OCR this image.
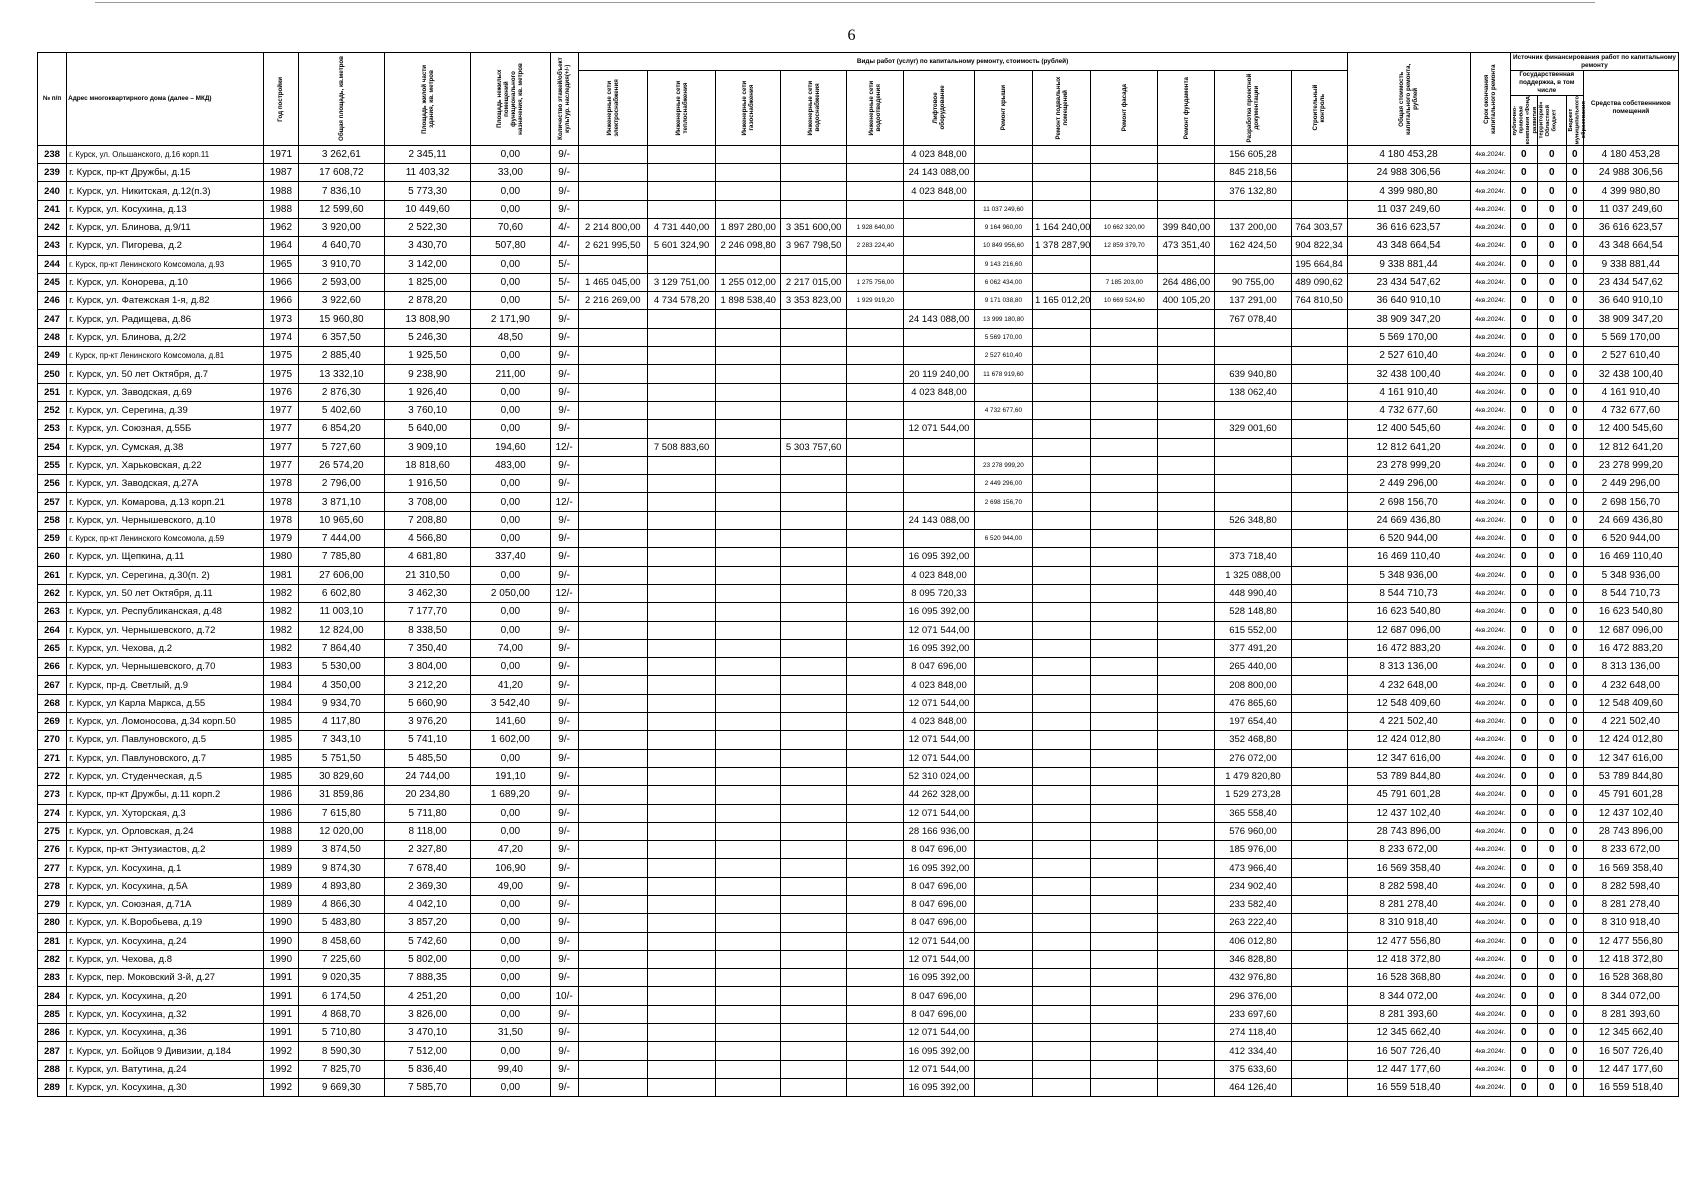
6
№ п/п	Адрес многоквартирного дома (далее – МКД)	Год постройки	Общая площадь, кв.метров	Площадь жилой части здания, кв. метров	Площадь нежилых помещений функционального назначения, кв. метров	Количество этажей/объект культур. наследия(+/-)	Виды работ (услуг) по капитальному ремонту, стоимость (рублей)												Общая стоимость капитального ремонта, рублей	Срок окончания капитального ремонта	Источник финансирования работ по капитальному ремонту			

							Инженерные сети электроснабжения	Инженерные сети теплоснабжения	Инженерные сети газоснабжения	Инженерные сети водоснабжения	Инженерные сети водоотведения	Лифтовое оборудование	Ремонт крыши	Ремонт подвальных помещений	Ремонт фасада	Ремонт фундамента	Разработка проектной документации	Строительный контроль			Государственная поддержка, в том числе			Средства собственников помещений

																					публично-правовая компания «Фонд развития территорий»	Областной бюджет	Бюджет муниципального образования	

238	г. Курск, ул. Ольшанского, д.16 корп.11	1971	3 262,61	2 345,11	0,00	9/-						4 023 848,00					156 605,28		4 180 453,28	4кв.2024г.	0	0	0	4 180 453,28
239	г. Курск, пр-кт Дружбы, д.15	1987	17 608,72	11 403,32	33,00	9/-						24 143 088,00					845 218,56		24 988 306,56	4кв.2024г.	0	0	0	24 988 306,56
240	г. Курск, ул. Никитская, д.12(п.3)	1988	7 836,10	5 773,30	0,00	9/-						4 023 848,00					376 132,80		4 399 980,80	4кв.2024г.	0	0	0	4 399 980,80
241	г. Курск, ул. Косухина, д.13	1988	12 599,60	10 449,60	0,00	9/-							11 037 249,60						11 037 249,60	4кв.2024г.	0	0	0	11 037 249,60
242	г. Курск, ул. Блинова, д.9/11	1962	3 920,00	2 522,30	70,60	4/-	2 214 800,00	4 731 440,00	1 897 280,00	3 351 600,00	1 928 640,00		9 164 960,00	1 164 240,00	10 662 320,00	399 840,00	137 200,00	764 303,57	36 616 623,57	4кв.2024г.	0	0	0	36 616 623,57
243	г. Курск, ул. Пигорева, д.2	1964	4 640,70	3 430,70	507,80	4/-	2 621 995,50	5 601 324,90	2 246 098,80	3 967 798,50	2 283 224,40		10 849 956,60	1 378 287,90	12 859 379,70	473 351,40	162 424,50	904 822,34	43 348 664,54	4кв.2024г.	0	0	0	43 348 664,54
244	г. Курск, пр-кт Ленинского Комсомола, д.93	1965	3 910,70	3 142,00	0,00	5/-							9 143 216,60					195 664,84	9 338 881,44	4кв.2024г.	0	0	0	9 338 881,44
245	г. Курск, ул. Конорева, д.10	1966	2 593,00	1 825,00	0,00	5/-	1 465 045,00	3 129 751,00	1 255 012,00	2 217 015,00	1 275 756,00		6 062 434,00		7 185 203,00	264 486,00	90 755,00	489 090,62	23 434 547,62	4кв.2024г.	0	0	0	23 434 547,62
246	г. Курск, ул. Фатежская 1-я, д.82	1966	3 922,60	2 878,20	0,00	5/-	2 216 269,00	4 734 578,20	1 898 538,40	3 353 823,00	1 929 919,20		9 171 038,80	1 165 012,20	10 669 524,60	400 105,20	137 291,00	764 810,50	36 640 910,10	4кв.2024г.	0	0	0	36 640 910,10
247	г. Курск, ул. Радищева, д.86	1973	15 960,80	13 808,90	2 171,90	9/-						24 143 088,00	13 999 180,80				767 078,40		38 909 347,20	4кв.2024г.	0	0	0	38 909 347,20
248	г. Курск, ул. Блинова, д.2/2	1974	6 357,50	5 246,30	48,50	9/-							5 569 170,00						5 569 170,00	4кв.2024г.	0	0	0	5 569 170,00
249	г. Курск, пр-кт Ленинского Комсомола, д.81	1975	2 885,40	1 925,50	0,00	9/-							2 527 610,40						2 527 610,40	4кв.2024г.	0	0	0	2 527 610,40
250	г. Курск, ул. 50 лет Октября, д.7	1975	13 332,10	9 238,90	211,00	9/-						20 119 240,00	11 678 919,60				639 940,80		32 438 100,40	4кв.2024г.	0	0	0	32 438 100,40
251	г. Курск, ул. Заводская, д.69	1976	2 876,30	1 926,40	0,00	9/-						4 023 848,00					138 062,40		4 161 910,40	4кв.2024г.	0	0	0	4 161 910,40
252	г. Курск, ул. Серегина, д.39	1977	5 402,60	3 760,10	0,00	9/-							4 732 677,60						4 732 677,60	4кв.2024г.	0	0	0	4 732 677,60
253	г. Курск, ул. Союзная, д.55Б	1977	6 854,20	5 640,00	0,00	9/-						12 071 544,00					329 001,60		12 400 545,60	4кв.2024г.	0	0	0	12 400 545,60
254	г. Курск, ул. Сумская, д.38	1977	5 727,60	3 909,10	194,60	12/-		7 508 883,60		5 303 757,60									12 812 641,20	4кв.2024г.	0	0	0	12 812 641,20
255	г. Курск, ул. Харьковская, д.22	1977	26 574,20	18 818,60	483,00	9/-							23 278 999,20						23 278 999,20	4кв.2024г.	0	0	0	23 278 999,20
256	г. Курск, ул. Заводская, д.27А	1978	2 796,00	1 916,50	0,00	9/-							2 449 296,00						2 449 296,00	4кв.2024г.	0	0	0	2 449 296,00
257	г. Курск, ул. Комарова, д.13 корп.21	1978	3 871,10	3 708,00	0,00	12/-							2 698 156,70						2 698 156,70	4кв.2024г.	0	0	0	2 698 156,70
258	г. Курск, ул. Чернышевского, д.10	1978	10 965,60	7 208,80	0,00	9/-						24 143 088,00					526 348,80		24 669 436,80	4кв.2024г.	0	0	0	24 669 436,80
259	г. Курск, пр-кт Ленинского Комсомола, д.59	1979	7 444,00	4 566,80	0,00	9/-							6 520 944,00						6 520 944,00	4кв.2024г.	0	0	0	6 520 944,00
260	г. Курск, ул. Щепкина, д.11	1980	7 785,80	4 681,80	337,40	9/-						16 095 392,00					373 718,40		16 469 110,40	4кв.2024г.	0	0	0	16 469 110,40
261	г. Курск, ул. Серегина, д.30(п. 2)	1981	27 606,00	21 310,50	0,00	9/-						4 023 848,00					1 325 088,00		5 348 936,00	4кв.2024г.	0	0	0	5 348 936,00
262	г. Курск, ул. 50 лет Октября, д.11	1982	6 602,80	3 462,30	2 050,00	12/-						8 095 720,33					448 990,40		8 544 710,73	4кв.2024г.	0	0	0	8 544 710,73
263	г. Курск, ул. Республиканская, д.48	1982	11 003,10	7 177,70	0,00	9/-						16 095 392,00					528 148,80		16 623 540,80	4кв.2024г.	0	0	0	16 623 540,80
264	г. Курск, ул. Чернышевского, д.72	1982	12 824,00	8 338,50	0,00	9/-						12 071 544,00					615 552,00		12 687 096,00	4кв.2024г.	0	0	0	12 687 096,00
265	г. Курск, ул. Чехова, д.2	1982	7 864,40	7 350,40	74,00	9/-						16 095 392,00					377 491,20		16 472 883,20	4кв.2024г.	0	0	0	16 472 883,20
266	г. Курск, ул. Чернышевского, д.70	1983	5 530,00	3 804,00	0,00	9/-						8 047 696,00					265 440,00		8 313 136,00	4кв.2024г.	0	0	0	8 313 136,00
267	г. Курск, пр-д. Светлый, д.9	1984	4 350,00	3 212,20	41,20	9/-						4 023 848,00					208 800,00		4 232 648,00	4кв.2024г.	0	0	0	4 232 648,00
268	г. Курск, ул Карла Маркса, д.55	1984	9 934,70	5 660,90	3 542,40	9/-						12 071 544,00					476 865,60		12 548 409,60	4кв.2024г.	0	0	0	12 548 409,60
269	г. Курск, ул. Ломоносова, д.34 корп.50	1985	4 117,80	3 976,20	141,60	9/-						4 023 848,00					197 654,40		4 221 502,40	4кв.2024г.	0	0	0	4 221 502,40
270	г. Курск, ул. Павлуновского, д.5	1985	7 343,10	5 741,10	1 602,00	9/-						12 071 544,00					352 468,80		12 424 012,80	4кв.2024г.	0	0	0	12 424 012,80
271	г. Курск, ул. Павлуновского, д.7	1985	5 751,50	5 485,50	0,00	9/-						12 071 544,00					276 072,00		12 347 616,00	4кв.2024г.	0	0	0	12 347 616,00
272	г. Курск, ул. Студенческая, д.5	1985	30 829,60	24 744,00	191,10	9/-						52 310 024,00					1 479 820,80		53 789 844,80	4кв.2024г.	0	0	0	53 789 844,80
273	г. Курск, пр-кт Дружбы, д.11 корп.2	1986	31 859,86	20 234,80	1 689,20	9/-						44 262 328,00					1 529 273,28		45 791 601,28	4кв.2024г.	0	0	0	45 791 601,28
274	г. Курск, ул. Хуторская, д.3	1986	7 615,80	5 711,80	0,00	9/-						12 071 544,00					365 558,40		12 437 102,40	4кв.2024г.	0	0	0	12 437 102,40
275	г. Курск, ул. Орловская, д.24	1988	12 020,00	8 118,00	0,00	9/-						28 166 936,00					576 960,00		28 743 896,00	4кв.2024г.	0	0	0	28 743 896,00
276	г. Курск, пр-кт Энтузиастов, д.2	1989	3 874,50	2 327,80	47,20	9/-						8 047 696,00					185 976,00		8 233 672,00	4кв.2024г.	0	0	0	8 233 672,00
277	г. Курск, ул. Косухина, д.1	1989	9 874,30	7 678,40	106,90	9/-						16 095 392,00					473 966,40		16 569 358,40	4кв.2024г.	0	0	0	16 569 358,40
278	г. Курск, ул. Косухина, д.5А	1989	4 893,80	2 369,30	49,00	9/-						8 047 696,00					234 902,40		8 282 598,40	4кв.2024г.	0	0	0	8 282 598,40
279	г. Курск, ул. Союзная, д.71А	1989	4 866,30	4 042,10	0,00	9/-						8 047 696,00					233 582,40		8 281 278,40	4кв.2024г.	0	0	0	8 281 278,40
280	г. Курск, ул. К.Воробьева, д.19	1990	5 483,80	3 857,20	0,00	9/-						8 047 696,00					263 222,40		8 310 918,40	4кв.2024г.	0	0	0	8 310 918,40
281	г. Курск, ул. Косухина, д.24	1990	8 458,60	5 742,60	0,00	9/-						12 071 544,00					406 012,80		12 477 556,80	4кв.2024г.	0	0	0	12 477 556,80
282	г. Курск, ул. Чехова, д.8	1990	7 225,60	5 802,00	0,00	9/-						12 071 544,00					346 828,80		12 418 372,80	4кв.2024г.	0	0	0	12 418 372,80
283	г. Курск, пер. Моковский 3-й, д.27	1991	9 020,35	7 888,35	0,00	9/-						16 095 392,00					432 976,80		16 528 368,80	4кв.2024г.	0	0	0	16 528 368,80
284	г. Курск, ул. Косухина, д.20	1991	6 174,50	4 251,20	0,00	10/-						8 047 696,00					296 376,00		8 344 072,00	4кв.2024г.	0	0	0	8 344 072,00
285	г. Курск, ул. Косухина, д.32	1991	4 868,70	3 826,00	0,00	9/-						8 047 696,00					233 697,60		8 281 393,60	4кв.2024г.	0	0	0	8 281 393,60
286	г. Курск, ул. Косухина, д.36	1991	5 710,80	3 470,10	31,50	9/-						12 071 544,00					274 118,40		12 345 662,40	4кв.2024г.	0	0	0	12 345 662,40
287	г. Курск, ул. Бойцов 9 Дивизии, д.184	1992	8 590,30	7 512,00	0,00	9/-						16 095 392,00					412 334,40		16 507 726,40	4кв.2024г.	0	0	0	16 507 726,40
288	г. Курск, ул. Ватутина, д.24	1992	7 825,70	5 836,40	99,40	9/-						12 071 544,00					375 633,60		12 447 177,60	4кв.2024г.	0	0	0	12 447 177,60
289	г. Курск, ул. Косухина, д.30	1992	9 669,30	7 585,70	0,00	9/-						16 095 392,00					464 126,40		16 559 518,40	4кв.2024г.	0	0	0	16 559 518,40
